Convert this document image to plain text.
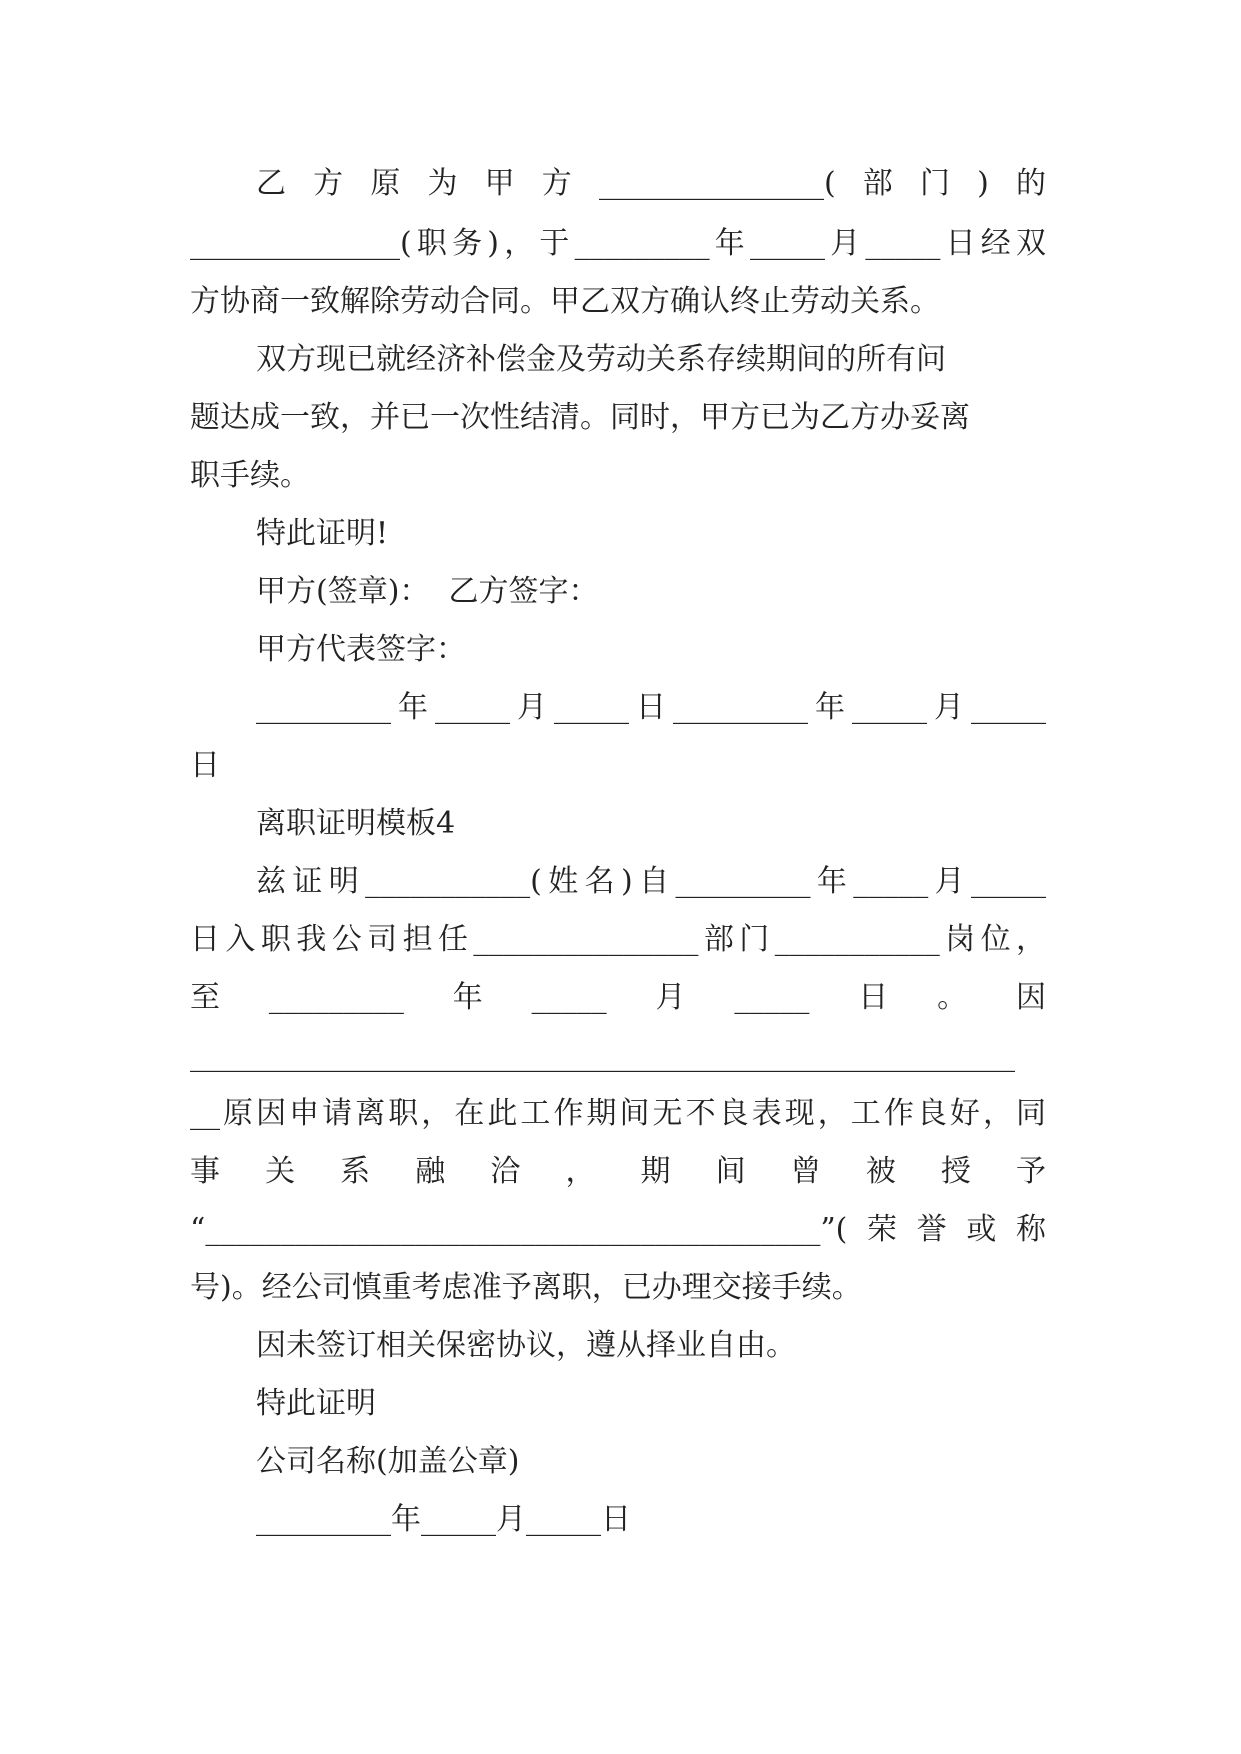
乙方原为甲方_______________(部门)的
______________(职务)，于_________年_____月_____日经双
方协商一致解除劳动合同。甲乙双方确认终止劳动关系。
双方现已就经济补偿金及劳动关系存续期间的所有问
题达成一致，并已一次性结清。同时，甲方已为乙方办妥离
职手续。
特此证明!
甲方(签章)：  乙方签字：
甲方代表签字：
_________年_____月_____日_________年_____月_____
日
离职证明模板4
兹证明___________(姓名)自_________年_____月_____
日入职我公司担任_______________部门___________岗位，
至_________年_____月_____日。因
_______________________________________________________
__原因申请离职，在此工作期间无不良表现，工作良好，同
事关系融洽，期间曾被授予
“_________________________________________”(荣誉或称
号)。经公司慎重考虑准予离职，已办理交接手续。
因未签订相关保密协议，遵从择业自由。
特此证明
公司名称(加盖公章)
_________年_____月_____日
